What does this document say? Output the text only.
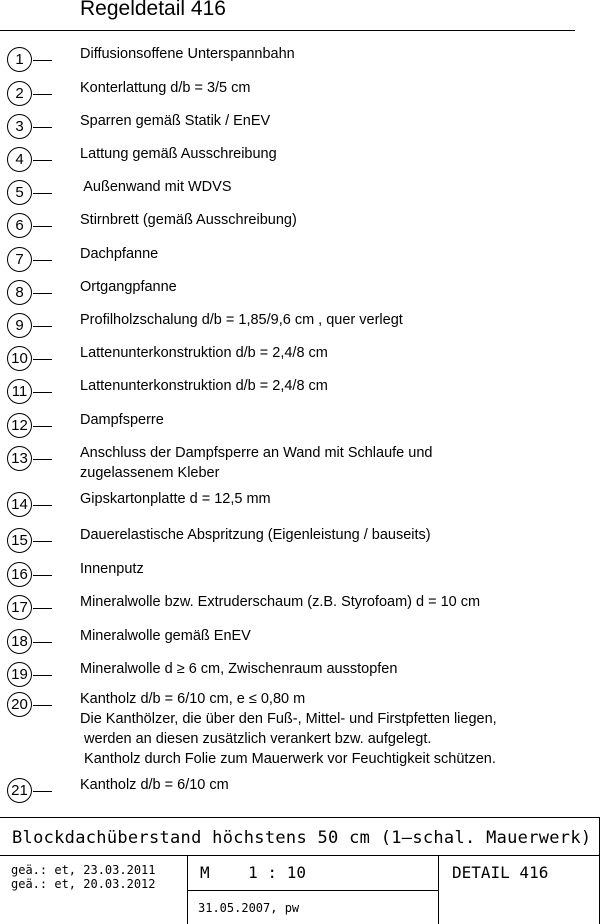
Regeldetail 416
1	Diffusionsoffene Unterspannbahn
2	Konterlattung d/b = 3/5 cm
3	Sparren gemäß Statik / EnEV
4	Lattung gemäß Ausschreibung
5	Außenwand mit WDVS
6	Stirnbrett (gemäß Ausschreibung)
7	Dachpfanne
8	Ortgangpfanne
9	Profilholzschalung d/b = 1,85/9,6 cm , quer verlegt
10	Lattenunterkonstruktion d/b = 2,4/8 cm
11	Lattenunterkonstruktion d/b = 2,4/8 cm
12	Dampfsperre
13	Anschluss der Dampfsperre an Wand mit Schlaufe und
zugelassenem Kleber
14	Gipskartonplatte d = 12,5 mm
15	Dauerelastische Abspritzung (Eigenleistung / bauseits)
16	Innenputz
17	Mineralwolle bzw. Extruderschaum (z.B. Styrofoam) d = 10 cm
18	Mineralwolle gemäß EnEV
19	Mineralwolle d ≥ 6 cm, Zwischenraum ausstopfen
20	Kantholz d/b = 6/10 cm, e ≤ 0,80 m
Die Kanthölzer, die über den Fuß-, Mittel- und Firstpfetten liegen,
werden an diesen zusätzlich verankert bzw. aufgelegt.
Kantholz durch Folie zum Mauerwerk vor Feuchtigkeit schützen.
21	Kantholz d/b = 6/10 cm
Blockdachüberstand höchstens 50 cm (1—schal. Mauerwerk)
geä.: et, 23.03.2011
geä.: et, 20.03.2012
M    1 : 10	DETAIL 416
31.05.2007, pw
